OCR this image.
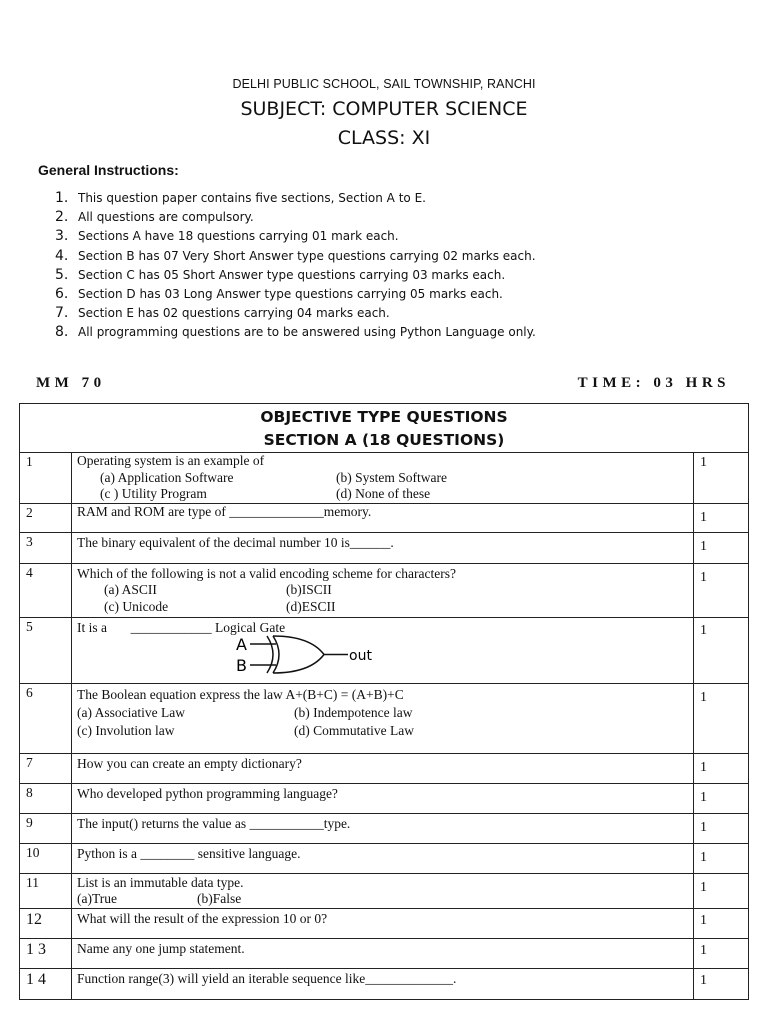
DELHI PUBLIC SCHOOL, SAIL TOWNSHIP, RANCHI
SUBJECT: COMPUTER SCIENCE
CLASS: XI
General Instructions:
1. This question paper contains five sections, Section A to E.
2. All questions are compulsory.
3. Sections A have 18 questions carrying 01 mark each.
4. Section B has 07 Very Short Answer type questions carrying 02 marks each.
5. Section C has 05 Short Answer type questions carrying 03 marks each.
6. Section D has 03 Long Answer type questions carrying 05 marks each.
7. Section E has 02 questions carrying 04 marks each.
8. All programming questions are to be answered using Python Language only.
MM 70	TIME: 03 HRS
OBJECTIVE TYPE QUESTIONS
SECTION A (18 QUESTIONS)		

1	Operating system is an example of
(a) Application Software (b) System Software
(c ) Utility Program (d) None of these	1
2	RAM and ROM are type of ______________memory.	1
3	The binary equivalent of the decimal number 10 is______.	1
4	Which of the following is not a valid encoding scheme for characters?
(a) ASCII (b)ISCII
(c) Unicode (d)ESCII	1
5	It is a       ____________ Logical Gate
A
B out	1
6	The Boolean equation express the law A+(B+C) = (A+B)+C
(a) Associative Law (b) Indempotence law
(c) Involution law (d) Commutative Law	1
7	How you can create an empty dictionary?	1
8	Who developed python programming language?	1
9	The input() returns the value as ___________type.	1
10	Python is a ________ sensitive language.	1
11	List is an immutable data type.
(a)True (b)False	1
12	What will the result of the expression 10 or 0?	1
1 3	Name any one jump statement.	1
1 4	Function range(3) will yield an iterable sequence like_____________.	1
